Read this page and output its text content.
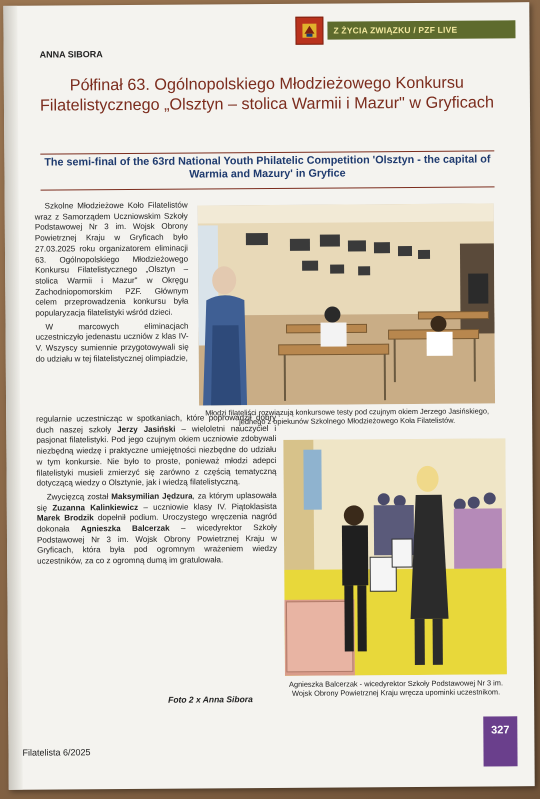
Z ŻYCIA ZWIĄZKU / PZF LIVE
ANNA SIBORA
Półfinał 63. Ogólnopolskiego Młodzieżowego Konkursu Filatelistycznego „Olsztyn – stolica Warmii i Mazur" w Gryficach
The semi-final of the 63rd National Youth Philatelic Competition 'Olsztyn - the capital of Warmia and Mazury' in Gryfice

Szkolne Młodzieżowe Koło Filatelistów wraz z Samorządem Uczniowskim Szkoły Podstawowej Nr 3 im. Wojsk Obrony Powietrznej Kraju w Gryficach było 27.03.2025 roku organizatorem eliminacji 63. Ogólnopolskiego Młodzieżowego Konkursu Filatelistycznego „Olsztyn – stolica Warmii i Mazur" w Okręgu Zachodniopomorskim PZF. Głównym celem przeprowadzenia konkursu była popularyzacja filatelistyki wśród dzieci.

W marcowych eliminacjach uczestniczyło jedenastu uczniów z klas IV-V. Wszyscy sumiennie przygotowywali się do udziału w tej filatelistycznej olimpiadzie,

regularnie uczestnicząc w spotkaniach, które poprowadził dobry duch naszej szkoły Jerzy Jasiński – wieloletni nauczyciel i pasjonat filatelistyki. Pod jego czujnym okiem uczniowie zdobywali niezbędną wiedzę i praktyczne umiejętności niezbędne do udziału w tym konkursie. Nie było to proste, ponieważ młodzi adepci filatelistyki musieli zmierzyć się zarówno z częścią tematyczną dotyczącą wiedzy o Olsztynie, jak i wiedzą filatelistyczną.

Zwycięzcą został Maksymilian Jędzura, za którym uplasowała się Zuzanna Kalinkiewicz – uczniowie klasy IV. Piątoklasista Marek Brodzik dopełnił podium. Uroczystego wręczenia nagród dokonała Agnieszka Balcerzak – wicedyrektor Szkoły Podstawowej Nr 3 im. Wojsk Obrony Powietrznej Kraju w Gryficach, która była pod ogromnym wrażeniem wiedzy uczestników, za co z ogromną dumą im gratulowała.

Foto 2 x Anna Sibora
Młodzi filateliści rozwiązują konkursowe testy pod czujnym okiem Jerzego Jasińskiego, jednego z opiekunów Szkolnego Młodzieżowego Koła Filatelistów.
Agnieszka Balcerzak - wicedyrektor Szkoły Podstawowej Nr 3 im. Wojsk Obrony Powietrznej Kraju wręcza upominki uczestnikom.
Filatelista 6/2025
327
